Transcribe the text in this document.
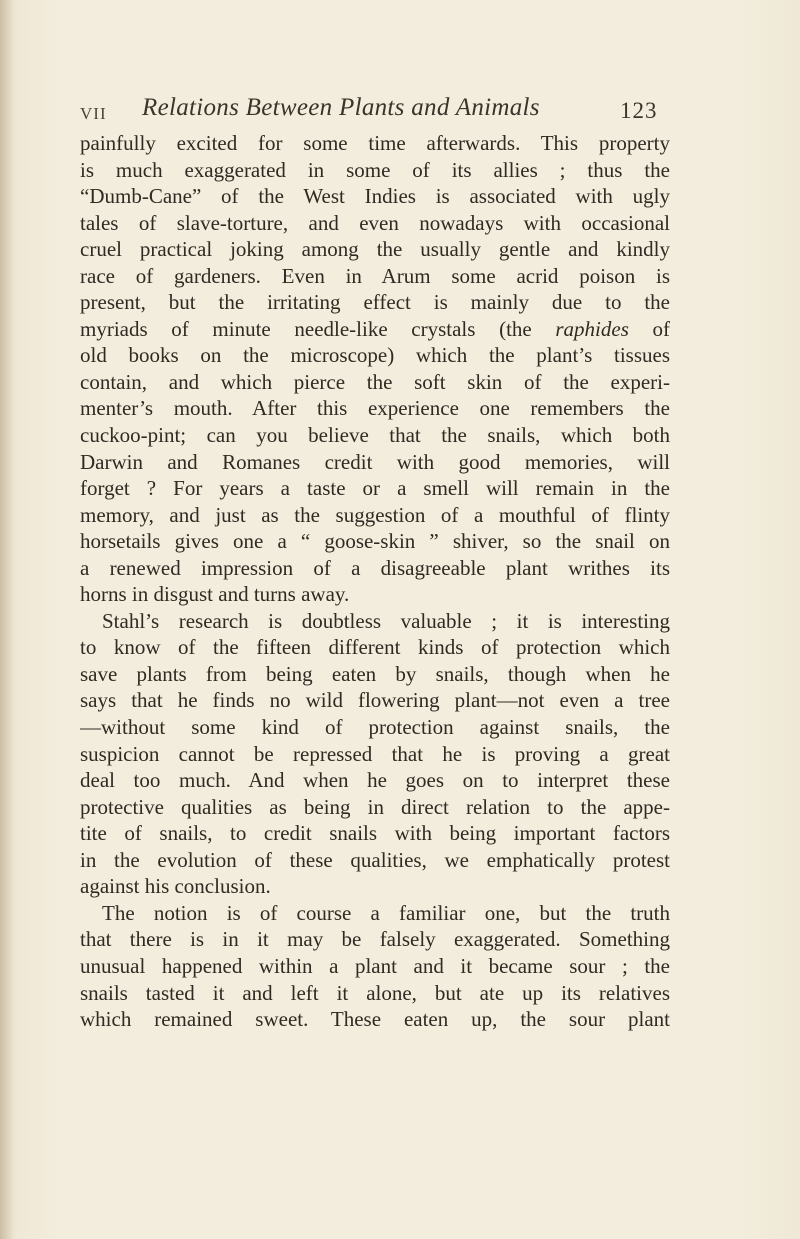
VII Relations Between Plants and Animals	123
painfully excited for some time afterwards. This property
is much exaggerated in some of its allies ; thus the
“Dumb-Cane” of the West Indies is associated with ugly
tales of slave-torture, and even nowadays with occasional
cruel practical joking among the usually gentle and kindly
race of gardeners. Even in Arum some acrid poison is
present, but the irritating effect is mainly due to the
myriads of minute needle-like crystals (the raphides of
old books on the microscope) which the plant’s tissues
contain, and which pierce the soft skin of the experi-
menter’s mouth. After this experience one remembers the
cuckoo-pint; can you believe that the snails, which both
Darwin and Romanes credit with good memories, will
forget ? For years a taste or a smell will remain in the
memory, and just as the suggestion of a mouthful of flinty
horsetails gives one a “ goose-skin ” shiver, so the snail on
a renewed impression of a disagreeable plant writhes its
horns in disgust and turns away.
Stahl’s research is doubtless valuable ; it is interesting
to know of the fifteen different kinds of protection which
save plants from being eaten by snails, though when he
says that he finds no wild flowering plant—not even a tree
—without some kind of protection against snails, the
suspicion cannot be repressed that he is proving a great
deal too much. And when he goes on to interpret these
protective qualities as being in direct relation to the appe-
tite of snails, to credit snails with being important factors
in the evolution of these qualities, we emphatically protest
against his conclusion.
The notion is of course a familiar one, but the truth
that there is in it may be falsely exaggerated. Something
unusual happened within a plant and it became sour ; the
snails tasted it and left it alone, but ate up its relatives
which remained sweet. These eaten up, the sour plant
